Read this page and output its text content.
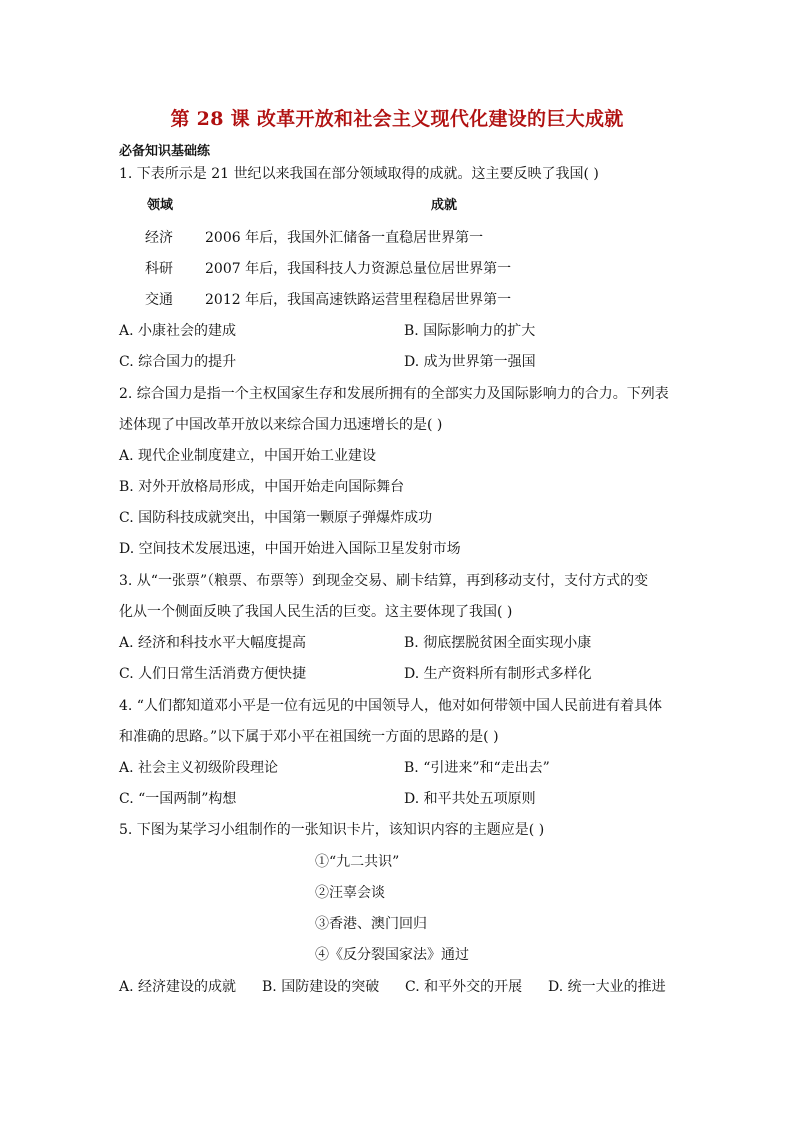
第 28 课 改革开放和社会主义现代化建设的巨大成就
必备知识基础练
1. 下表所示是 21 世纪以来我国在部分领域取得的成就。这主要反映了我国( )
领域	成就
经济 2006 年后，我国外汇储备一直稳居世界第一
科研 2007 年后，我国科技人力资源总量位居世界第一
交通 2012 年后，我国高速铁路运营里程稳居世界第一
A. 小康社会的建成	B. 国际影响力的扩大
C. 综合国力的提升	D. 成为世界第一强国
2. 综合国力是指一个主权国家生存和发展所拥有的全部实力及国际影响力的合力。下列表
述体现了中国改革开放以来综合国力迅速增长的是( )
A. 现代企业制度建立，中国开始工业建设
B. 对外开放格局形成，中国开始走向国际舞台
C. 国防科技成就突出，中国第一颗原子弹爆炸成功
D. 空间技术发展迅速，中国开始进入国际卫星发射市场
3. 从“一张票”（粮票、布票等）到现金交易、刷卡结算，再到移动支付，支付方式的变
化从一个侧面反映了我国人民生活的巨变。这主要体现了我国( )
A. 经济和科技水平大幅度提高	B. 彻底摆脱贫困全面实现小康
C. 人们日常生活消费方便快捷	D. 生产资料所有制形式多样化
4. “人们都知道邓小平是一位有远见的中国领导人，他对如何带领中国人民前进有着具体
和准确的思路。”以下属于邓小平在祖国统一方面的思路的是( )
A. 社会主义初级阶段理论	B. “引进来”和“走出去”
C. “一国两制”构想	D. 和平共处五项原则
5. 下图为某学习小组制作的一张知识卡片，该知识内容的主题应是( )
①“九二共识”
②汪辜会谈
③香港、澳门回归
④《反分裂国家法》通过
A. 经济建设的成就 B. 国防建设的突破 C. 和平外交的开展 D. 统一大业的推进
